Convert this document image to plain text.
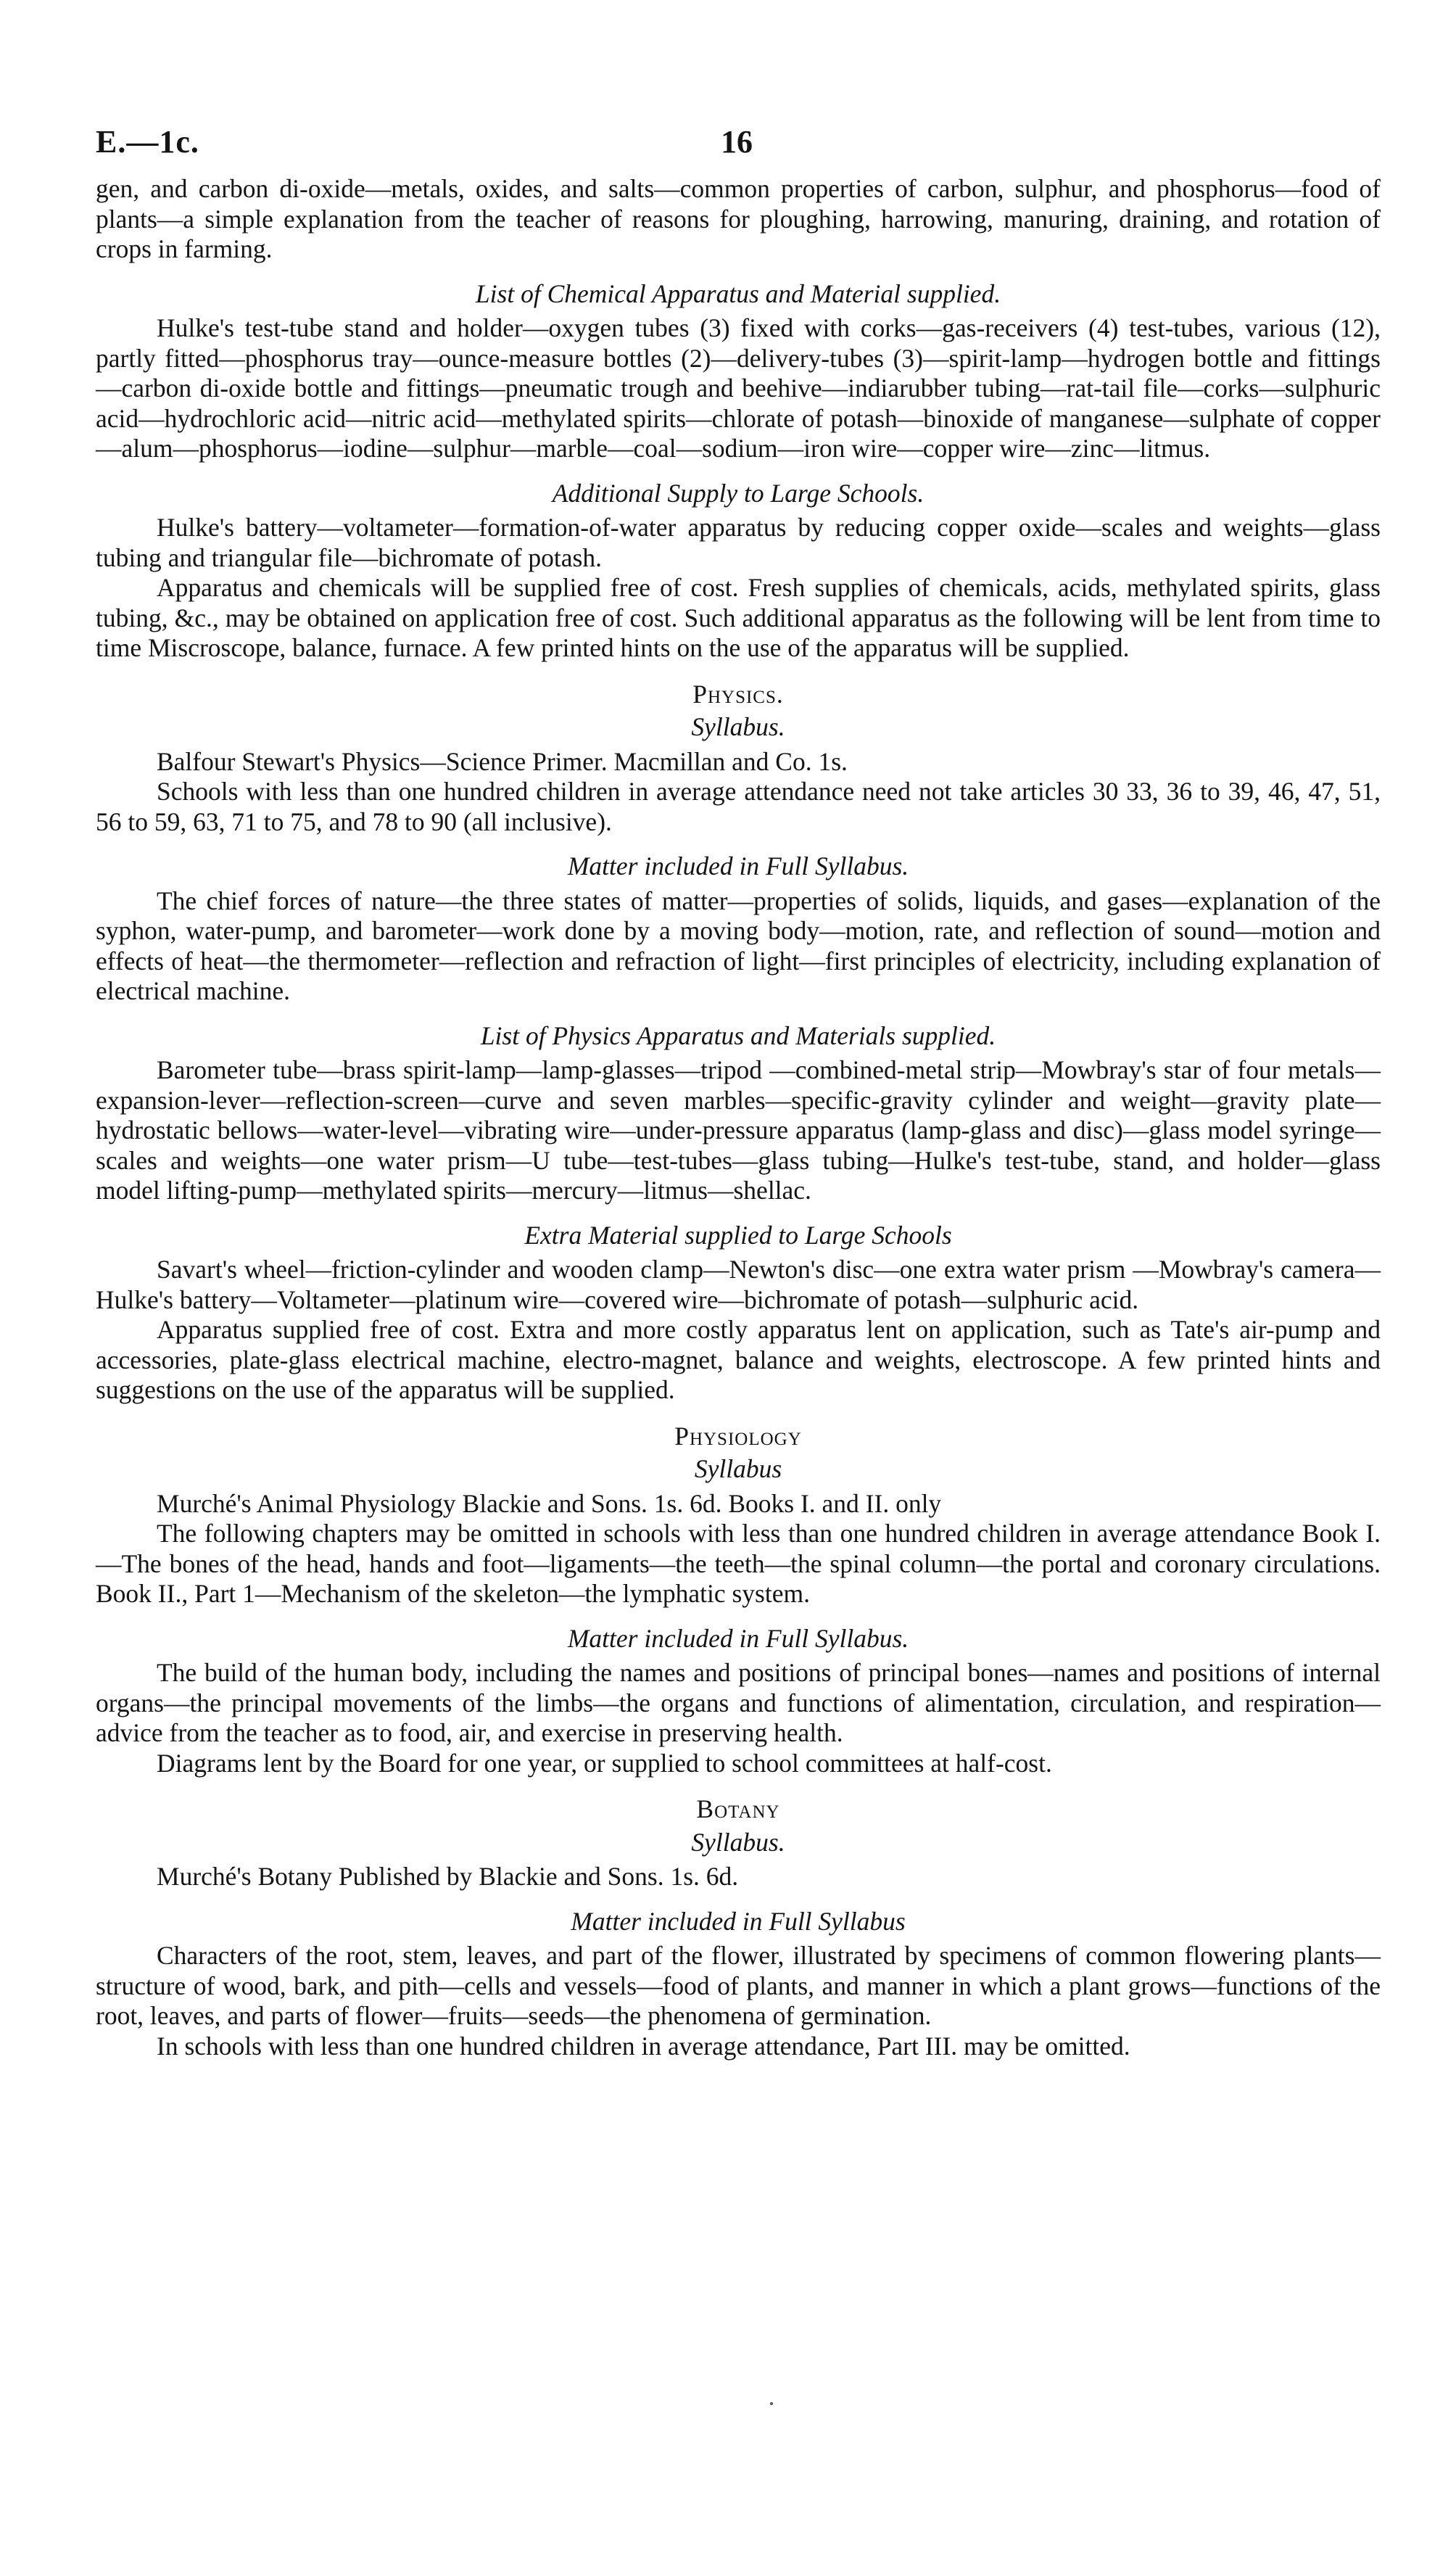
E.—1c.	16

gen, and carbon di-oxide—metals, oxides, and salts—common properties of carbon, sulphur, and phosphorus—food of plants—a simple explanation from the teacher of reasons for ploughing, harrowing, manuring, draining, and rotation of crops in farming.

List of Chemical Apparatus and Material supplied.

Hulke's test-tube stand and holder—oxygen tubes (3) fixed with corks—gas-receivers (4) test-tubes, various (12), partly fitted—phosphorus tray—ounce-measure bottles (2)—delivery-tubes (3)—spirit-lamp—hydrogen bottle and fittings—carbon di-oxide bottle and fittings—pneumatic trough and beehive—indiarubber tubing—rat-tail file—corks—sulphuric acid—hydrochloric acid—nitric acid—methylated spirits—chlorate of potash—binoxide of manganese—sulphate of copper—alum—phosphorus—iodine—sulphur—marble—coal—sodium—iron wire—copper wire—zinc—litmus.

Additional Supply to Large Schools.

Hulke's battery—voltameter—formation-of-water apparatus by reducing copper oxide—scales and weights—glass tubing and triangular file—bichromate of potash.

Apparatus and chemicals will be supplied free of cost. Fresh supplies of chemicals, acids, methylated spirits, glass tubing, &c., may be obtained on application free of cost. Such additional apparatus as the following will be lent from time to time Miscroscope, balance, furnace. A few printed hints on the use of the apparatus will be supplied.

Physics.
Syllabus.

Balfour Stewart's Physics—Science Primer. Macmillan and Co. 1s.

Schools with less than one hundred children in average attendance need not take articles 30 33, 36 to 39, 46, 47, 51, 56 to 59, 63, 71 to 75, and 78 to 90 (all inclusive).

Matter included in Full Syllabus.

The chief forces of nature—the three states of matter—properties of solids, liquids, and gases—explanation of the syphon, water-pump, and barometer—work done by a moving body—motion, rate, and reflection of sound—motion and effects of heat—the thermometer—reflection and refraction of light—first principles of electricity, including explanation of electrical machine.

List of Physics Apparatus and Materials supplied.

Barometer tube—brass spirit-lamp—lamp-glasses—tripod —combined-metal strip—Mowbray's star of four metals—expansion-lever—reflection-screen—curve and seven marbles—specific-gravity cylinder and weight—gravity plate—hydrostatic bellows—water-level—vibrating wire—under-pressure apparatus (lamp-glass and disc)—glass model syringe—scales and weights—one water prism—U tube—test-tubes—glass tubing—Hulke's test-tube, stand, and holder—glass model lifting-pump—methylated spirits—mercury—litmus—shellac.

Extra Material supplied to Large Schools

Savart's wheel—friction-cylinder and wooden clamp—Newton's disc—one extra water prism —Mowbray's camera—Hulke's battery—Voltameter—platinum wire—covered wire—bichromate of potash—sulphuric acid.

Apparatus supplied free of cost. Extra and more costly apparatus lent on application, such as Tate's air-pump and accessories, plate-glass electrical machine, electro-magnet, balance and weights, electroscope. A few printed hints and suggestions on the use of the apparatus will be supplied.

Physiology
Syllabus

Murché's Animal Physiology Blackie and Sons. 1s. 6d. Books I. and II. only

The following chapters may be omitted in schools with less than one hundred children in average attendance Book I.—The bones of the head, hands and foot—ligaments—the teeth—the spinal column—the portal and coronary circulations. Book II., Part 1—Mechanism of the skeleton—the lymphatic system.

Matter included in Full Syllabus.

The build of the human body, including the names and positions of principal bones—names and positions of internal organs—the principal movements of the limbs—the organs and functions of alimentation, circulation, and respiration—advice from the teacher as to food, air, and exercise in preserving health.

Diagrams lent by the Board for one year, or supplied to school committees at half-cost.

Botany
Syllabus.

Murché's Botany Published by Blackie and Sons. 1s. 6d.

Matter included in Full Syllabus

Characters of the root, stem, leaves, and part of the flower, illustrated by specimens of common flowering plants—structure of wood, bark, and pith—cells and vessels—food of plants, and manner in which a plant grows—functions of the root, leaves, and parts of flower—fruits—seeds—the phenomena of germination.

In schools with less than one hundred children in average attendance, Part III. may be omitted.
